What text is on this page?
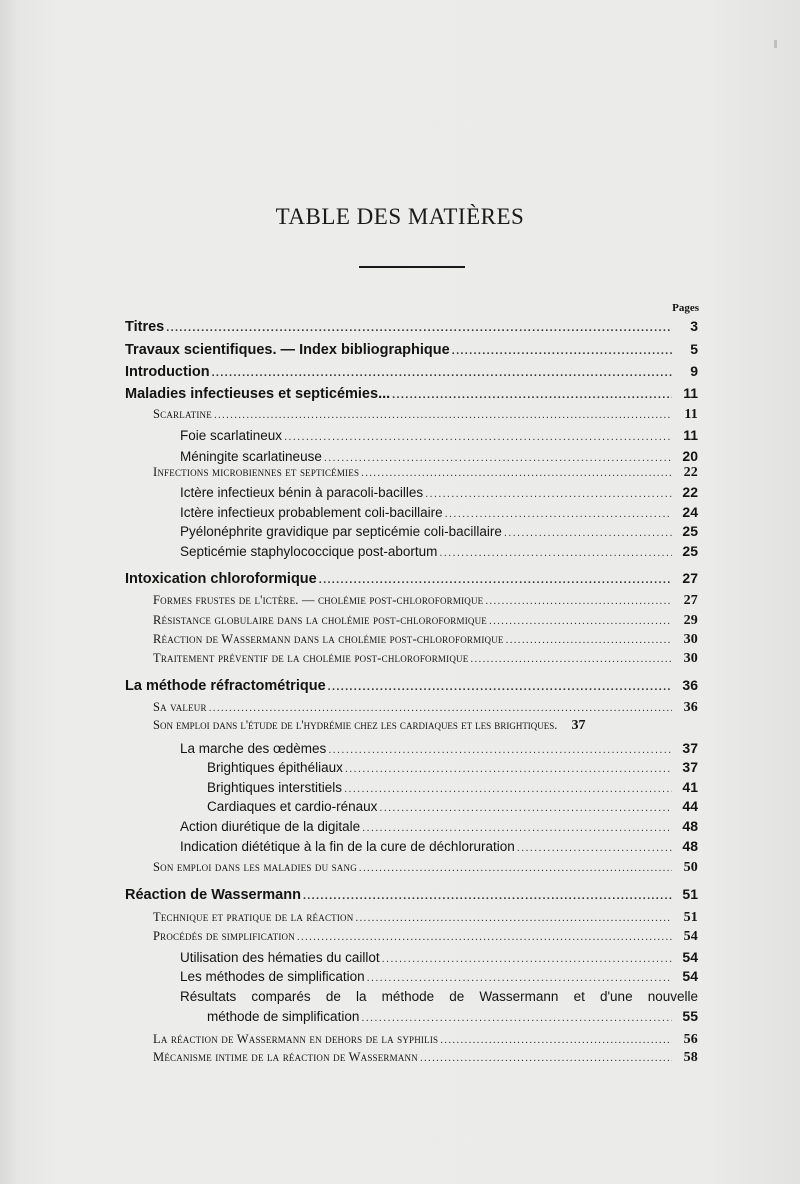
TABLE DES MATIÈRES
Pages
Titres .....	3
Travaux scientifiques. — Index bibliographique .....	5
Introduction .....	9
Maladies infectieuses et septicémies... .....	11
Scarlatine .....	11
Foie scarlatineux .....	11
Méningite scarlatineuse .....	20
Infections microbiennes et septicémies .....	22
Ictère infectieux bénin à paracoli-bacilles .....	22
Ictère infectieux probablement coli-bacillaire .....	24
Pyélonéphrite gravidique par septicémie coli-bacillaire .....	25
Septicémie staphylococcique post-abortum .....	25
Intoxication chloroformique .....	27
Formes frustes de l'ictère. — cholémie post-chloroformique .....	27
Résistance globulaire dans la cholémie post-chloroformique .....	29
Réaction de Wassermann dans la cholémie post-chloroformique .....	30
Traitement préventif de la cholémie post-chloroformique .....	30
La méthode réfractométrique .....	36
Sa valeur .....	36
Son emploi dans l'étude de l'hydrémie chez les cardiaques et les brightiques.	37
La marche des œdèmes .....	37
Brightiques épithéliaux .....	37
Brightiques interstitiels .....	41
Cardiaques et cardio-rénaux .....	44
Action diurétique de la digitale .....	48
Indication diététique à la fin de la cure de déchloruration .....	48
Son emploi dans les maladies du sang .....	50
Réaction de Wassermann .....	51
Technique et pratique de la réaction .....	51
Procédés de simplification .....	54
Utilisation des hématies du caillot .....	54
Les méthodes de simplification .....	54
Résultats comparés de la méthode de Wassermann et d'une nouvelle
méthode de simplification .....	55
La réaction de Wassermann en dehors de la syphilis .....	56
Mécanisme intime de la réaction de Wassermann .....	58
